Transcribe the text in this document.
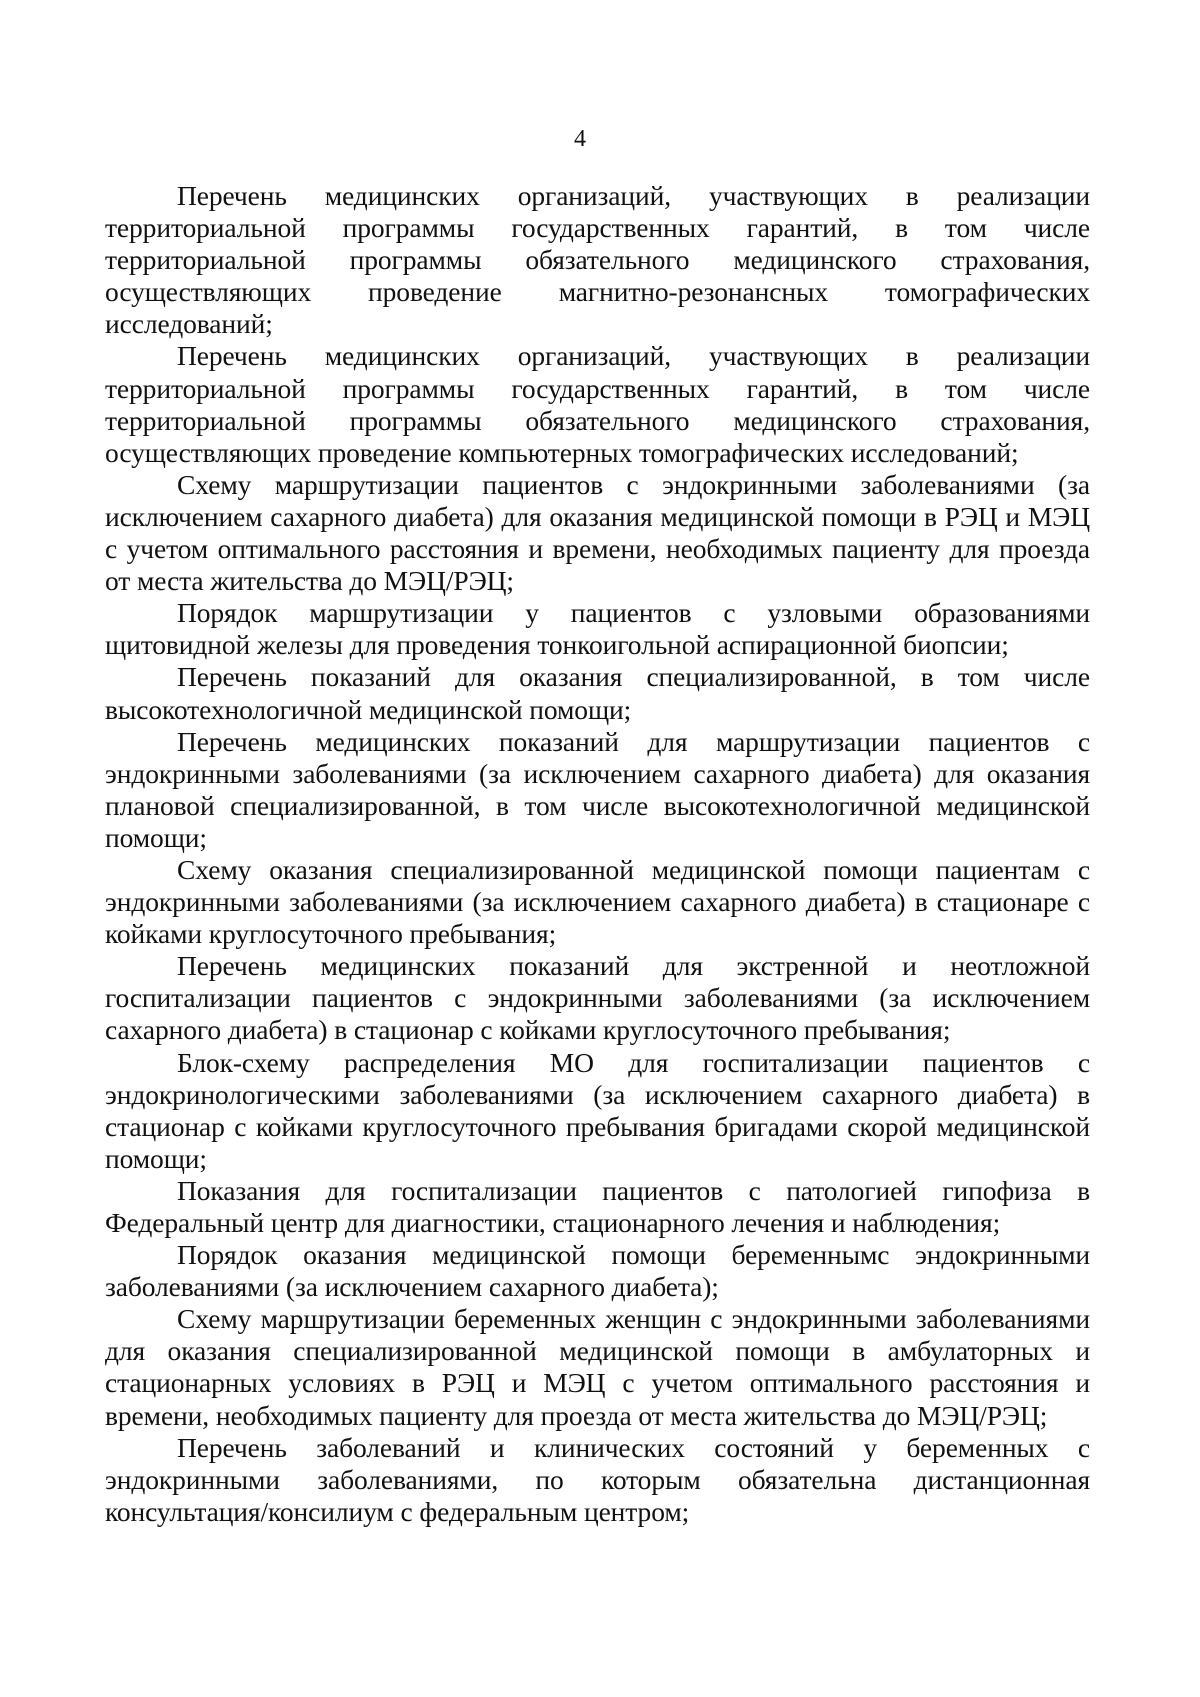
4

Перечень медицинских организаций, участвующих в реализации территориальной программы государственных гарантий, в том числе территориальной программы обязательного медицинского страхования, осуществляющих проведение магнитно-резонансных томографических исследований;

Перечень медицинских организаций, участвующих в реализации территориальной программы государственных гарантий, в том числе территориальной программы обязательного медицинского страхования, осуществляющих проведение компьютерных томографических исследований;

Схему маршрутизации пациентов с эндокринными заболеваниями (за исключением сахарного диабета) для оказания медицинской помощи в РЭЦ и МЭЦ с учетом оптимального расстояния и времени, необходимых пациенту для проезда от места жительства до МЭЦ/РЭЦ;

Порядок маршрутизации у пациентов с узловыми образованиями щитовидной железы для проведения тонкоигольной аспирационной биопсии;

Перечень показаний для оказания специализированной, в том числе высокотехнологичной медицинской помощи;

Перечень медицинских показаний для маршрутизации пациентов с эндокринными заболеваниями (за исключением сахарного диабета) для оказания плановой специализированной, в том числе высокотехнологичной медицинской помощи;

Схему оказания специализированной медицинской помощи пациентам с эндокринными заболеваниями (за исключением сахарного диабета) в стационаре с койками круглосуточного пребывания;

Перечень медицинских показаний для экстренной и неотложной госпитализации пациентов с эндокринными заболеваниями (за исключением сахарного диабета) в стационар с койками круглосуточного пребывания;

Блок-схему распределения МО для госпитализации пациентов с эндокринологическими заболеваниями (за исключением сахарного диабета) в стационар с койками круглосуточного пребывания бригадами скорой медицинской помощи;

Показания для госпитализации пациентов с патологией гипофиза в Федеральный центр для диагностики, стационарного лечения и наблюдения;

Порядок оказания медицинской помощи беременнымс эндокринными заболеваниями (за исключением сахарного диабета);

Схему маршрутизации беременных женщин с эндокринными заболеваниями для оказания специализированной медицинской помощи в амбулаторных и стационарных условиях в РЭЦ и МЭЦ с учетом оптимального расстояния и времени, необходимых пациенту для проезда от места жительства до МЭЦ/РЭЦ;

Перечень заболеваний и клинических состояний у беременных с эндокринными заболеваниями, по которым обязательна дистанционная консультация/консилиум с федеральным центром;
